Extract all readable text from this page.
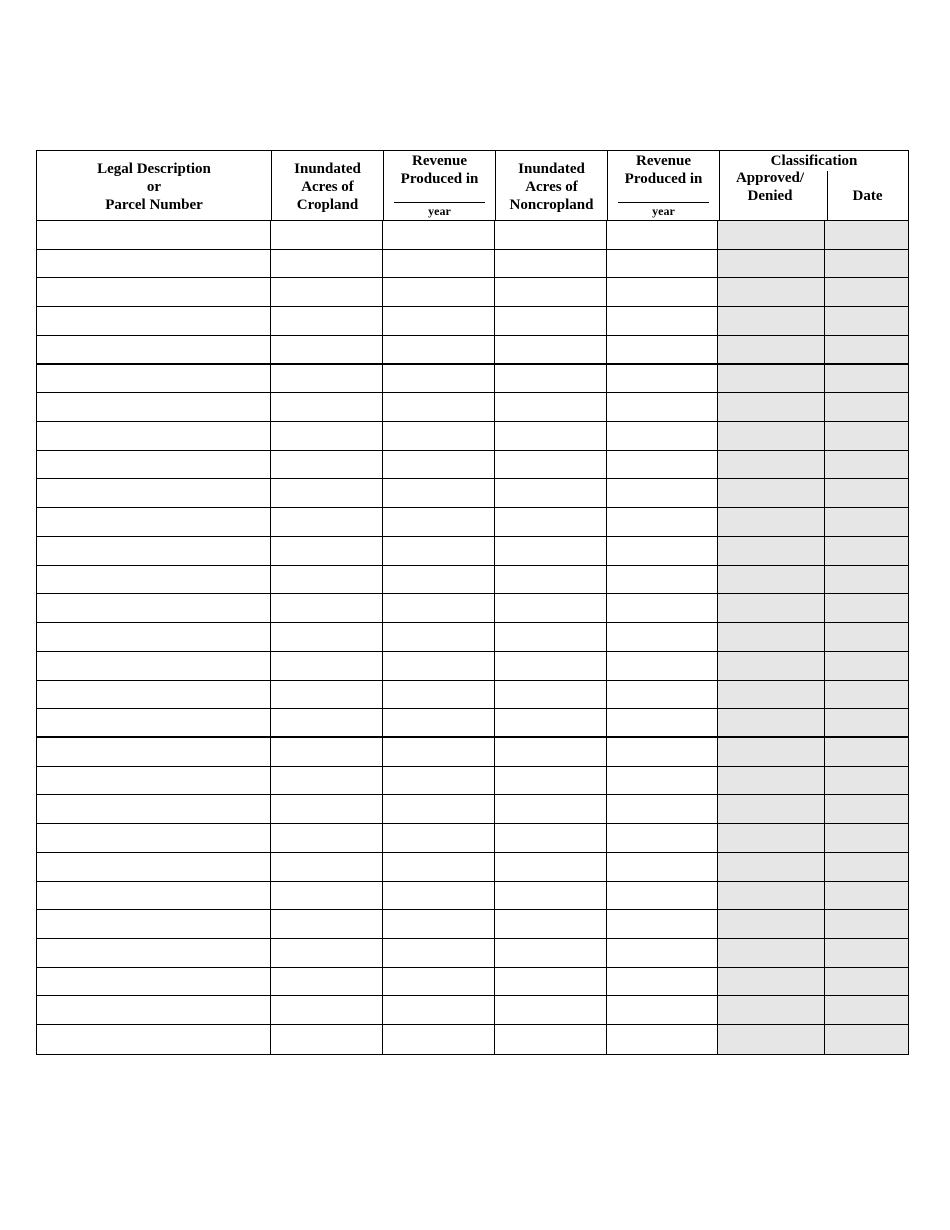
Legal Description
or
Parcel Number
Inundated
Acres of
Cropland
Revenue
Produced in
year
Inundated
Acres of
Noncropland
Revenue
Produced in
year
Classification
Approved/
Denied	Date
